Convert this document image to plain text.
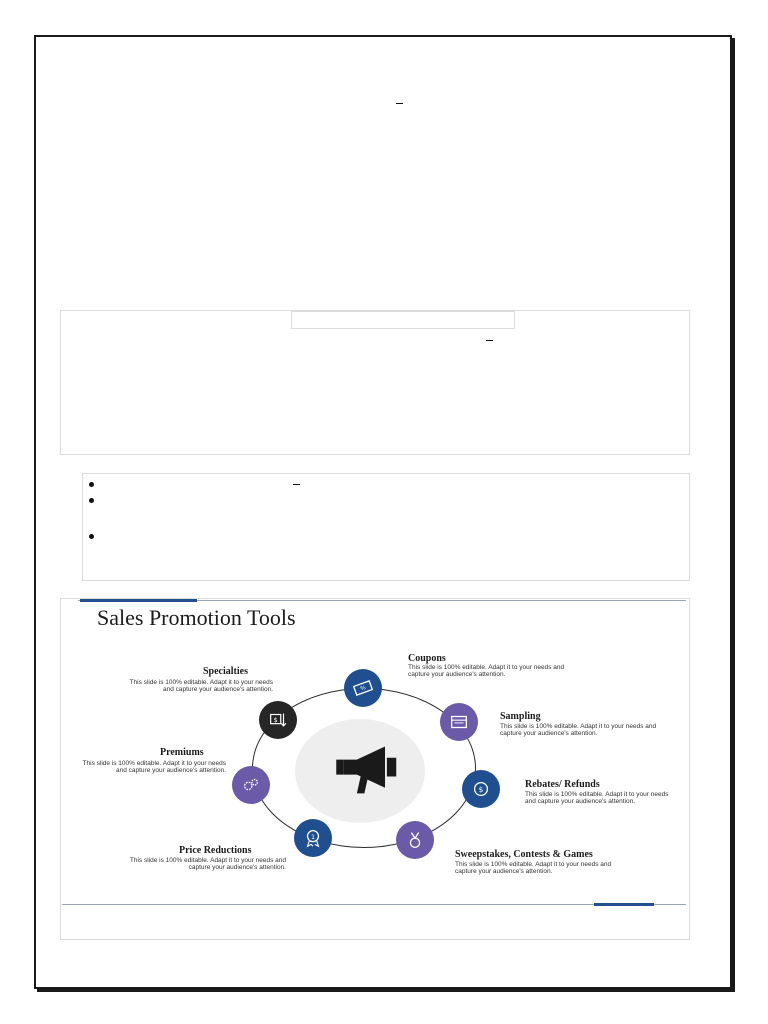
Sales Promotion Tools
%
Coupons
This slide is 100% editable. Adapt it to your needs and capture your audience's attention.
Sampling
This slide is 100% editable. Adapt it to your needs and capture your audience's attention.
$	Rebates/ Refunds
This slide is 100% editable. Adapt it to your needs and capture your audience's attention.
Sweepstakes, Contests & Games
This slide is 100% editable. Adapt it to your needs and capture your audience's attention.
1
Price Reductions
This slide is 100% editable. Adapt it to your needs and capture your audience's attention.
Premiums
This slide is 100% editable. Adapt it to your needs and capture your audience's attention.
$
Specialties
This slide is 100% editable. Adapt it to your needs and capture your audience's attention.
